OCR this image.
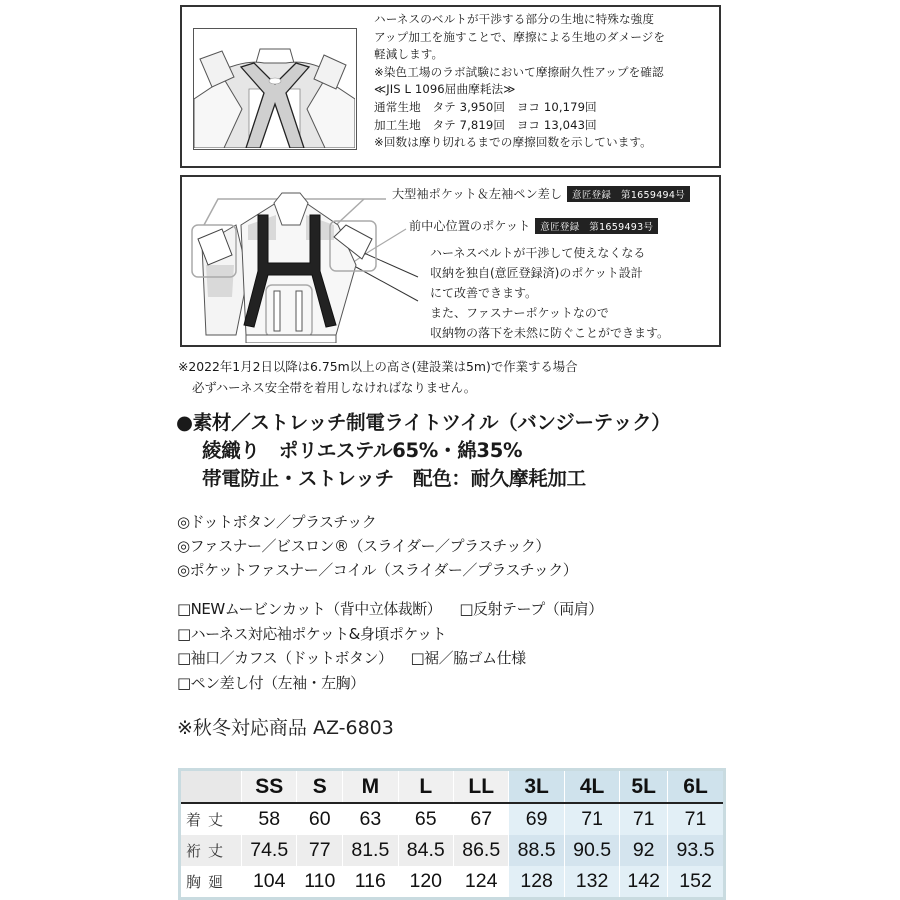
ハーネスのベルトが干渉する部分の生地に特殊な強度
アップ加工を施すことで、摩擦による生地のダメージを
軽減します。
※染色工場のラボ試験において摩擦耐久性アップを確認
≪JIS L 1096屈曲摩耗法≫
通常生地　タテ 3,950回　ヨコ 10,179回
加工生地　タテ 7,819回　ヨコ 13,043回
※回数は摩り切れるまでの摩擦回数を示しています。
大型袖ポケット＆左袖ペン差し	意匠登録　第1659494号
前中心位置のポケット	意匠登録　第1659493号
ハーネスベルトが干渉して使えなくなる
収納を独自(意匠登録済)のポケット設計
にて改善できます。
また、ファスナーポケットなので
収納物の落下を未然に防ぐことができます。
※2022年1月2日以降は6.75m以上の高さ(建設業は5m)で作業する場合
必ずハーネス安全帯を着用しなければなりません。
●素材／ストレッチ制電ライトツイル（バンジーテック）
綾織り　ポリエステル65%・綿35%
帯電防止・ストレッチ　配色：耐久摩耗加工
◎ドットボタン／プラスチック
◎ファスナー／ビスロン®（スライダー／プラスチック）
◎ポケットファスナー／コイル（スライダー／プラスチック）
□NEWムービンカット（背中立体裁断） □反射テープ（両肩）
□ハーネス対応袖ポケット&身頃ポケット
□袖口／カフス（ドットボタン） □裾／脇ゴム仕様
□ペン差し付（左袖・左胸）
※秋冬対応商品 AZ-6803
	SS	S	M	L	LL	3L	4L	5L	6L
着丈	58	60	63	65	67	69	71	71	71
裄丈	74.5	77	81.5	84.5	86.5	88.5	90.5	92	93.5
胸廻	104	110	116	120	124	128	132	142	152
